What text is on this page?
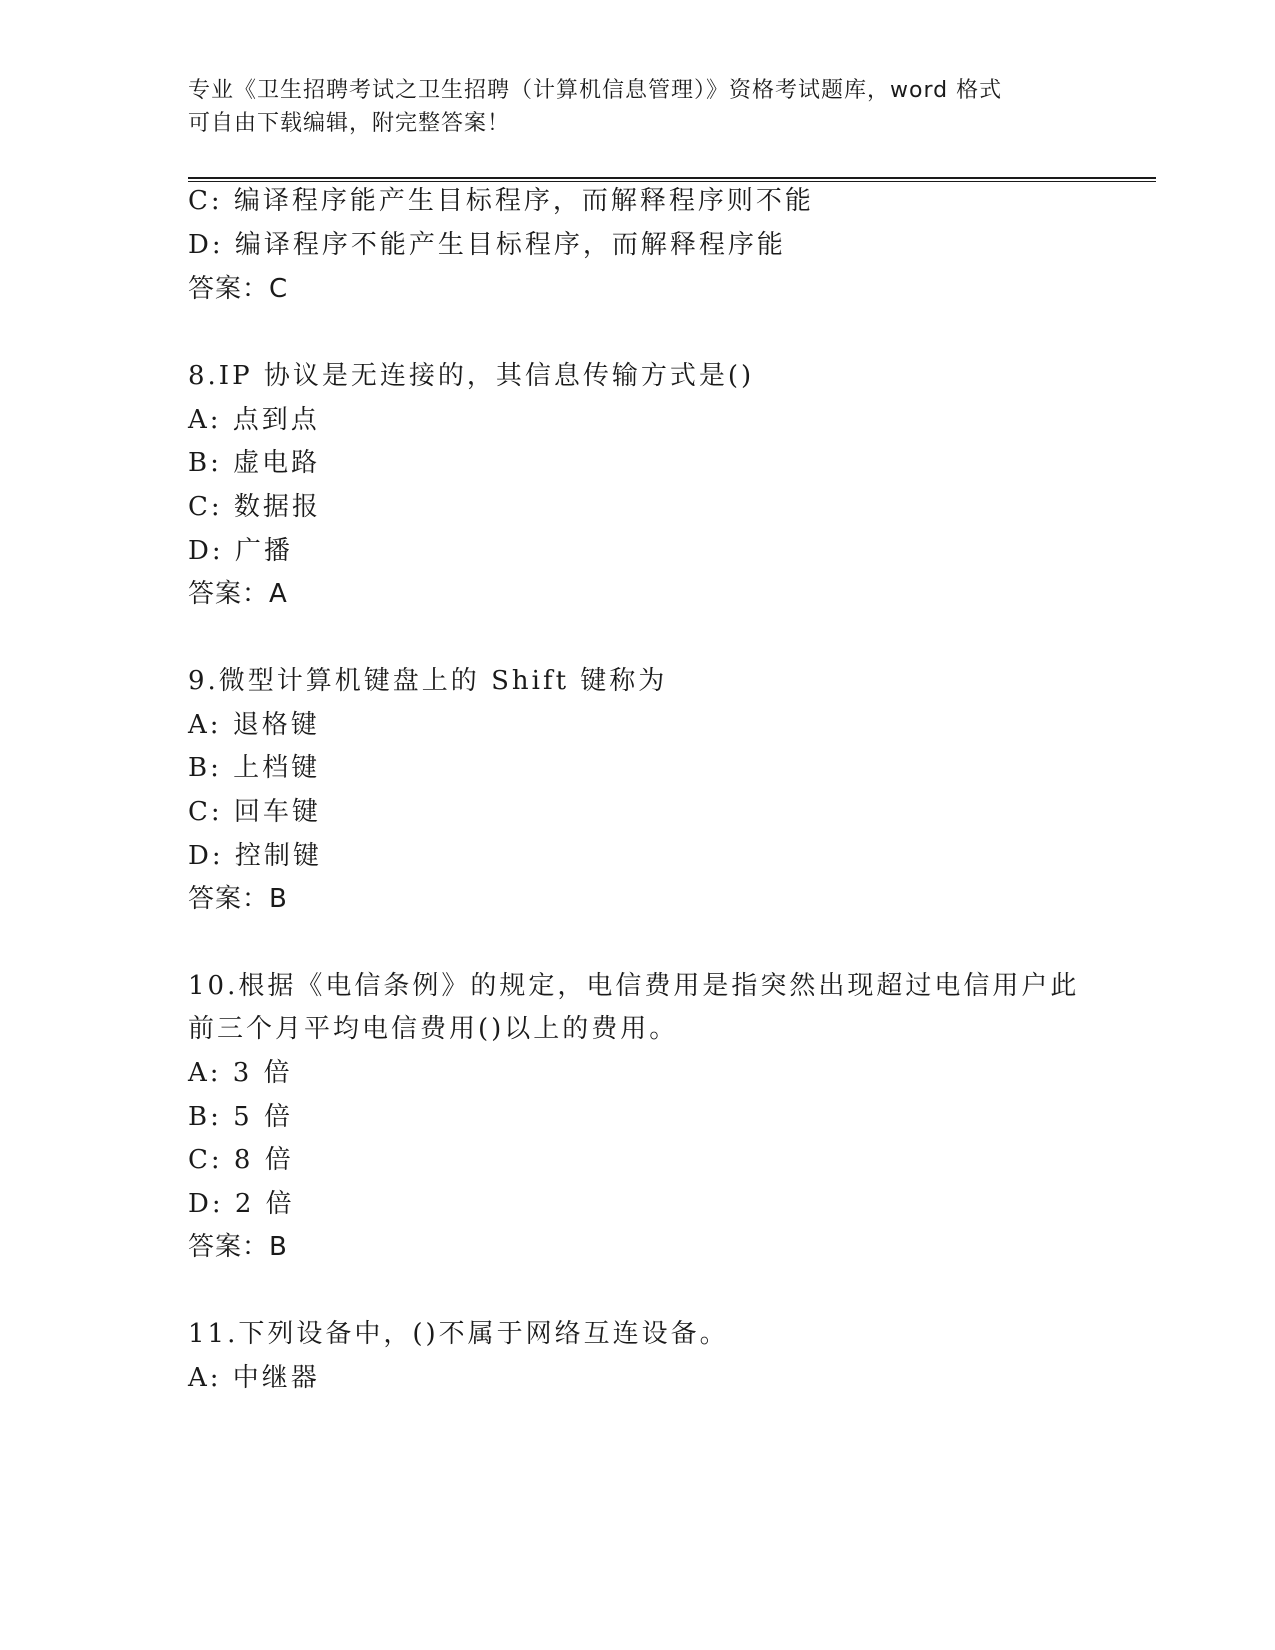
专业《卫生招聘考试之卫生招聘（计算机信息管理）》资格考试题库，word 格式
可自由下载编辑，附完整答案！
C: 编译程序能产生目标程序，而解释程序则不能
D: 编译程序不能产生目标程序，而解释程序能
答案：C
8.IP 协议是无连接的，其信息传输方式是()
A: 点到点
B: 虚电路
C: 数据报
D: 广播
答案：A
9.微型计算机键盘上的 Shift 键称为
A: 退格键
B: 上档键
C: 回车键
D: 控制键
答案：B
10.根据《电信条例》的规定，电信费用是指突然出现超过电信用户此
前三个月平均电信费用()以上的费用。
A: 3 倍
B: 5 倍
C: 8 倍
D: 2 倍
答案：B
11.下列设备中，()不属于网络互连设备。
A: 中继器
